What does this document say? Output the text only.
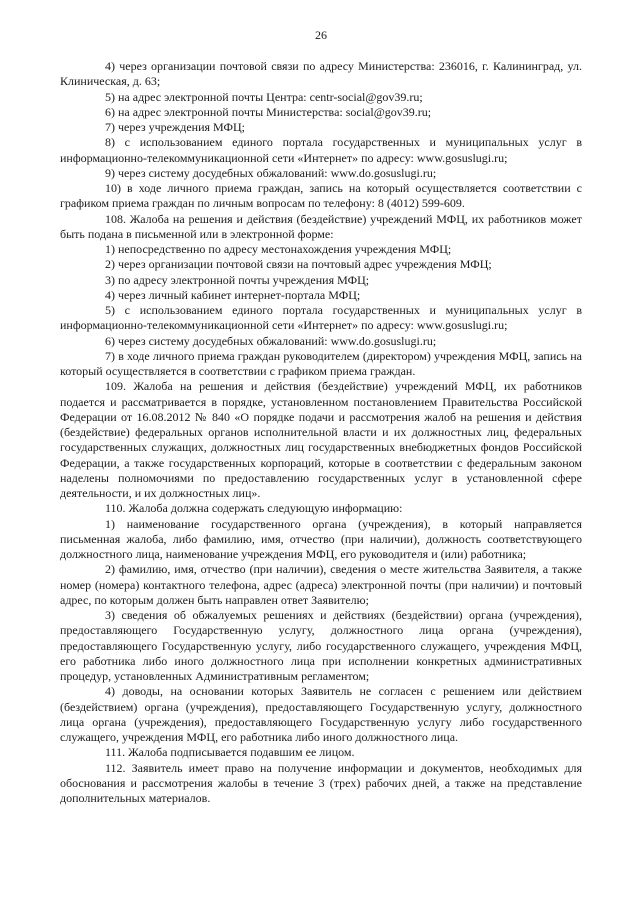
26

4) через организации почтовой связи по адресу Министерства: 236016, г. Калининград, ул. Клиническая, д. 63;

5) на адрес электронной почты Центра: centr-social@gov39.ru;

6) на адрес электронной почты Министерства: social@gov39.ru;

7) через учреждения МФЦ;

8) с использованием единого портала государственных и муниципальных услуг в информационно-телекоммуникационной сети «Интернет» по адресу: www.gosuslugi.ru;

9) через систему досудебных обжалований: www.do.gosuslugi.ru;

10) в ходе личного приема граждан, запись на который осуществляется соответствии с графиком приема граждан по личным вопросам по телефону: 8 (4012) 599-609.

108. Жалоба на решения и действия (бездействие) учреждений МФЦ, их работников может быть подана в письменной или в электронной форме:

1) непосредственно по адресу местонахождения учреждения МФЦ;

2) через организации почтовой связи на почтовый адрес учреждения МФЦ;

3) по адресу электронной почты учреждения МФЦ;

4) через личный кабинет интернет-портала МФЦ;

5) с использованием единого портала государственных и муниципальных услуг в информационно-телекоммуникационной сети «Интернет» по адресу: www.gosuslugi.ru;

6) через систему досудебных обжалований: www.do.gosuslugi.ru;

7) в ходе личного приема граждан руководителем (директором) учреждения МФЦ, запись на который осуществляется в соответствии с графиком приема граждан.

109. Жалоба на решения и действия (бездействие) учреждений МФЦ, их работников подается и рассматривается в порядке, установленном постановлением Правительства Российской Федерации от 16.08.2012 № 840 «О порядке подачи и рассмотрения жалоб на решения и действия (бездействие) федеральных органов исполнительной власти и их должностных лиц, федеральных государственных служащих, должностных лиц государственных внебюджетных фондов Российской Федерации, а также государственных корпораций, которые в соответствии с федеральным законом наделены полномочиями по предоставлению государственных услуг в установленной сфере деятельности, и их должностных лиц».

110. Жалоба должна содержать следующую информацию:

1) наименование государственного органа (учреждения), в который направляется письменная жалоба, либо фамилию, имя, отчество (при наличии), должность соответствующего должностного лица, наименование учреждения МФЦ, его руководителя и (или) работника;

2) фамилию, имя, отчество (при наличии), сведения о месте жительства Заявителя, а также номер (номера) контактного телефона, адрес (адреса) электронной почты (при наличии) и почтовый адрес, по которым должен быть направлен ответ Заявителю;

3) сведения об обжалуемых решениях и действиях (бездействии) органа (учреждения), предоставляющего Государственную услугу, должностного лица органа (учреждения), предоставляющего Государственную услугу, либо государственного служащего, учреждения МФЦ, его работника либо иного должностного лица при исполнении конкретных административных процедур, установленных Административным регламентом;

4) доводы, на основании которых Заявитель не согласен с решением или действием (бездействием) органа (учреждения), предоставляющего Государственную услугу, должностного лица органа (учреждения), предоставляющего Государственную услугу либо государственного служащего, учреждения МФЦ, его работника либо иного должностного лица.

111. Жалоба подписывается подавшим ее лицом.

112. Заявитель имеет право на получение информации и документов, необходимых для обоснования и рассмотрения жалобы в течение 3 (трех) рабочих дней, а также на представление дополнительных материалов.
